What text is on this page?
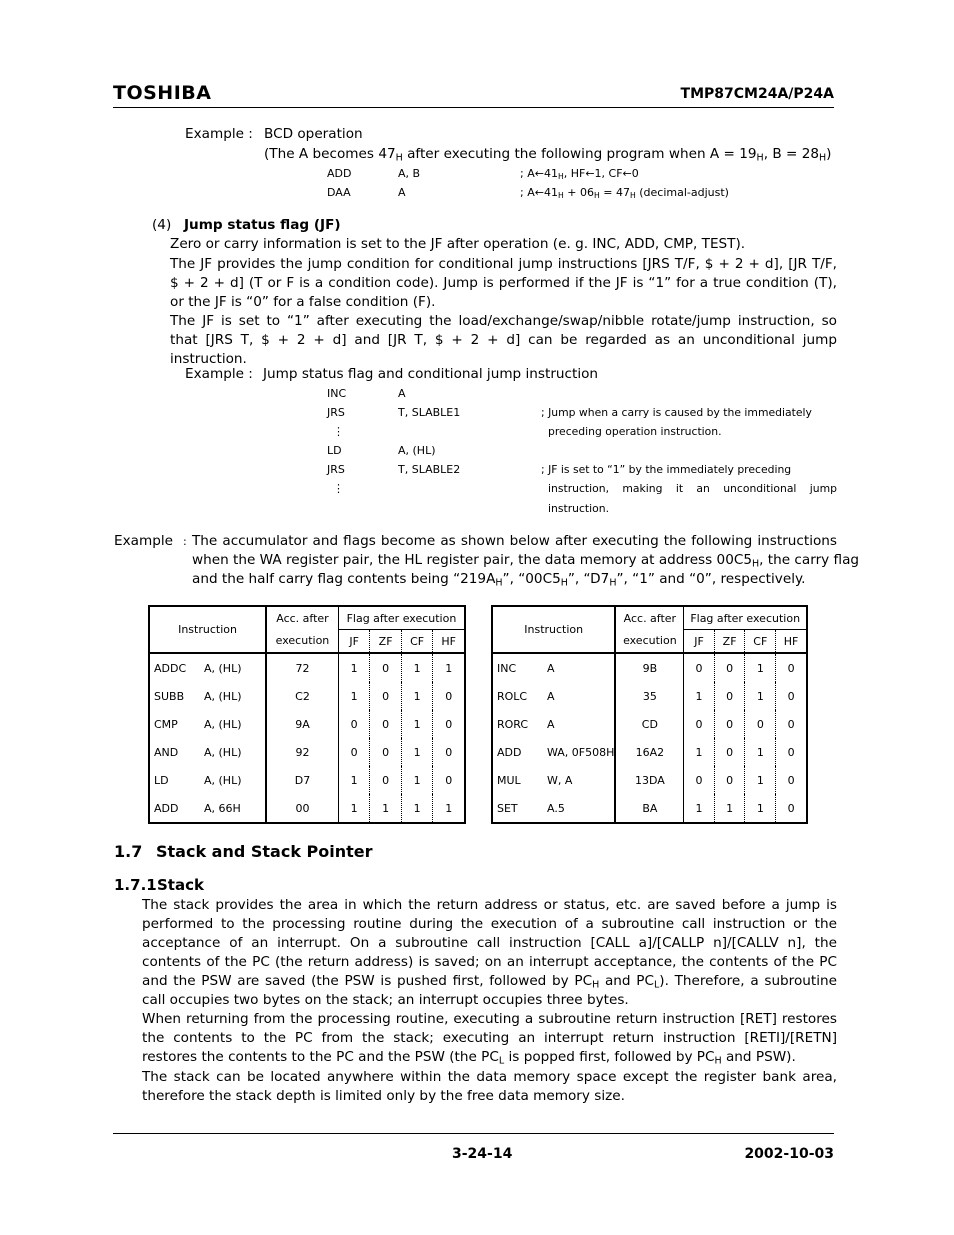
TOSHIBA	TMP87CM24A/P24A
Example : BCD operation
(The A becomes $47_H$ after executing the following program when $A = 19_H$, $B = 28_H$)
ADD	A, B	; $A\leftarrow 41_H$, HF←1, CF←0
DAA	A	; $A\leftarrow 41_H + 06_H = 47_H$ (decimal-adjust)
(4) Jump status flag (JF)
Zero or carry information is set to the JF after operation (e. g. INC, ADD, CMP, TEST).
The JF provides the jump condition for conditional jump instructions [JRS T/F, $ + 2 + d], [JR T/F, $ + 2 + d] (T or F is a condition code). Jump is performed if the JF is “1” for a true condition (T), or the JF is “0” for a false condition (F).
The JF is set to “1” after executing the load/exchange/swap/nibble rotate/jump instruction, so that [JRS T, $ + 2 + d] and [JR T, $ + 2 + d] can be regarded as an unconditional jump instruction.
Example : Jump status flag and conditional jump instruction
INC	A
JRS	T, SLABLE1	; Jump when a carry is caused by the immediately
⋮	preceding operation instruction.
LD	A, (HL)
JRS	T, SLABLE2	; JF is set to “1” by the immediately preceding
⋮	instruction, making it an unconditional jump
instruction.
Example : The accumulator and flags become as shown below after executing the following instructions
when the WA register pair, the HL register pair, the data memory at address $00C5_H$, the carry flag
and the half carry flag contents being “$219A_H$”, “$00C5_H$”, “$D7_H$”, “1” and “0”, respectively.
Instruction	Acc. after	Flag after execution			
	execution	JF	ZF	CF	HF
ADDC A, (HL)	72	1	0	1	1
SUBB A, (HL)	C2	1	0	1	0
CMP A, (HL)	9A	0	0	1	0
AND A, (HL)	92	0	0	1	0
LD A, (HL)	D7	1	0	1	0
ADD A, 66H	00	1	1	1	1
Instruction	Acc. after	Flag after execution			
	execution	JF	ZF	CF	HF
INC A	9B	0	0	1	0
ROLC A	35	1	0	1	0
RORC A	CD	0	0	0	0
ADD WA, 0F508H	16A2	1	0	1	0
MUL W, A	13DA	0	0	1	0
SET A.5	BA	1	1	1	0
1.7 Stack and Stack Pointer
1.7.1 Stack
The stack provides the area in which the return address or status, etc. are saved before a jump is performed to the processing routine during the execution of a subroutine call instruction or the acceptance of an interrupt. On a subroutine call instruction [CALL a]/[CALLP n]/[CALLV n], the contents of the PC (the return address) is saved; on an interrupt acceptance, the contents of the PC and the PSW are saved (the PSW is pushed first, followed by $PC_H$ and $PC_L$). Therefore, a subroutine call occupies two bytes on the stack; an interrupt occupies three bytes.
When returning from the processing routine, executing a subroutine return instruction [RET] restores the contents to the PC from the stack; executing an interrupt return instruction [RETI]/[RETN] restores the contents to the PC and the PSW (the $PC_L$ is popped first, followed by $PC_H$ and PSW).
The stack can be located anywhere within the data memory space except the register bank area, therefore the stack depth is limited only by the free data memory size.
3-24-14	2002-10-03
